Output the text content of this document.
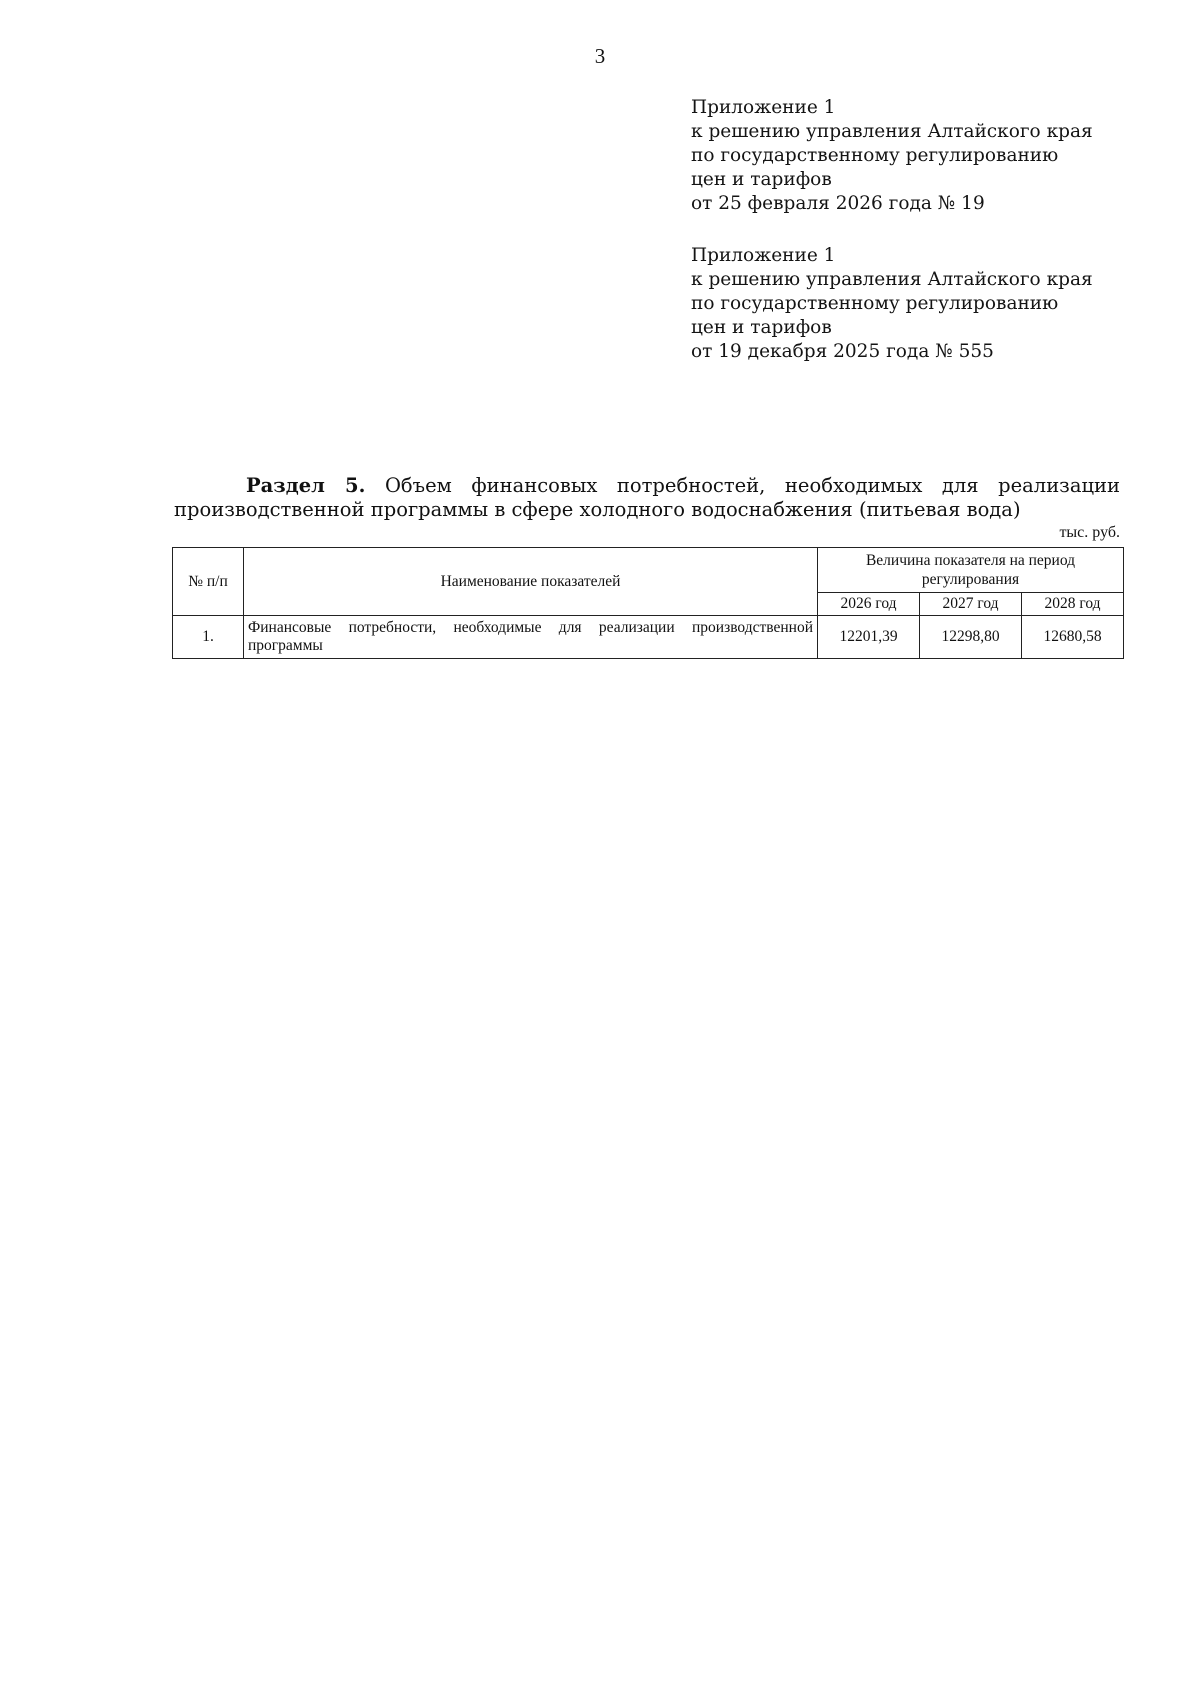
3
Приложение 1
к решению управления Алтайского края
по государственному регулированию
цен и тарифов
от 25 февраля 2026 года № 19
Приложение 1
к решению управления Алтайского края
по государственному регулированию
цен и тарифов
от 19 декабря 2025 года № 555
Раздел 5. Объем финансовых потребностей, необходимых для реализации
производственной программы в сфере холодного водоснабжения (питьевая вода)
тыс. руб.
№ п/п	Наименование показателей	Величина показателя на период регулирования		
		2026 год	2027 год	2028 год
1.	Финансовые потребности, необходимые для реализации производственной программы	12201,39	12298,80	12680,58
